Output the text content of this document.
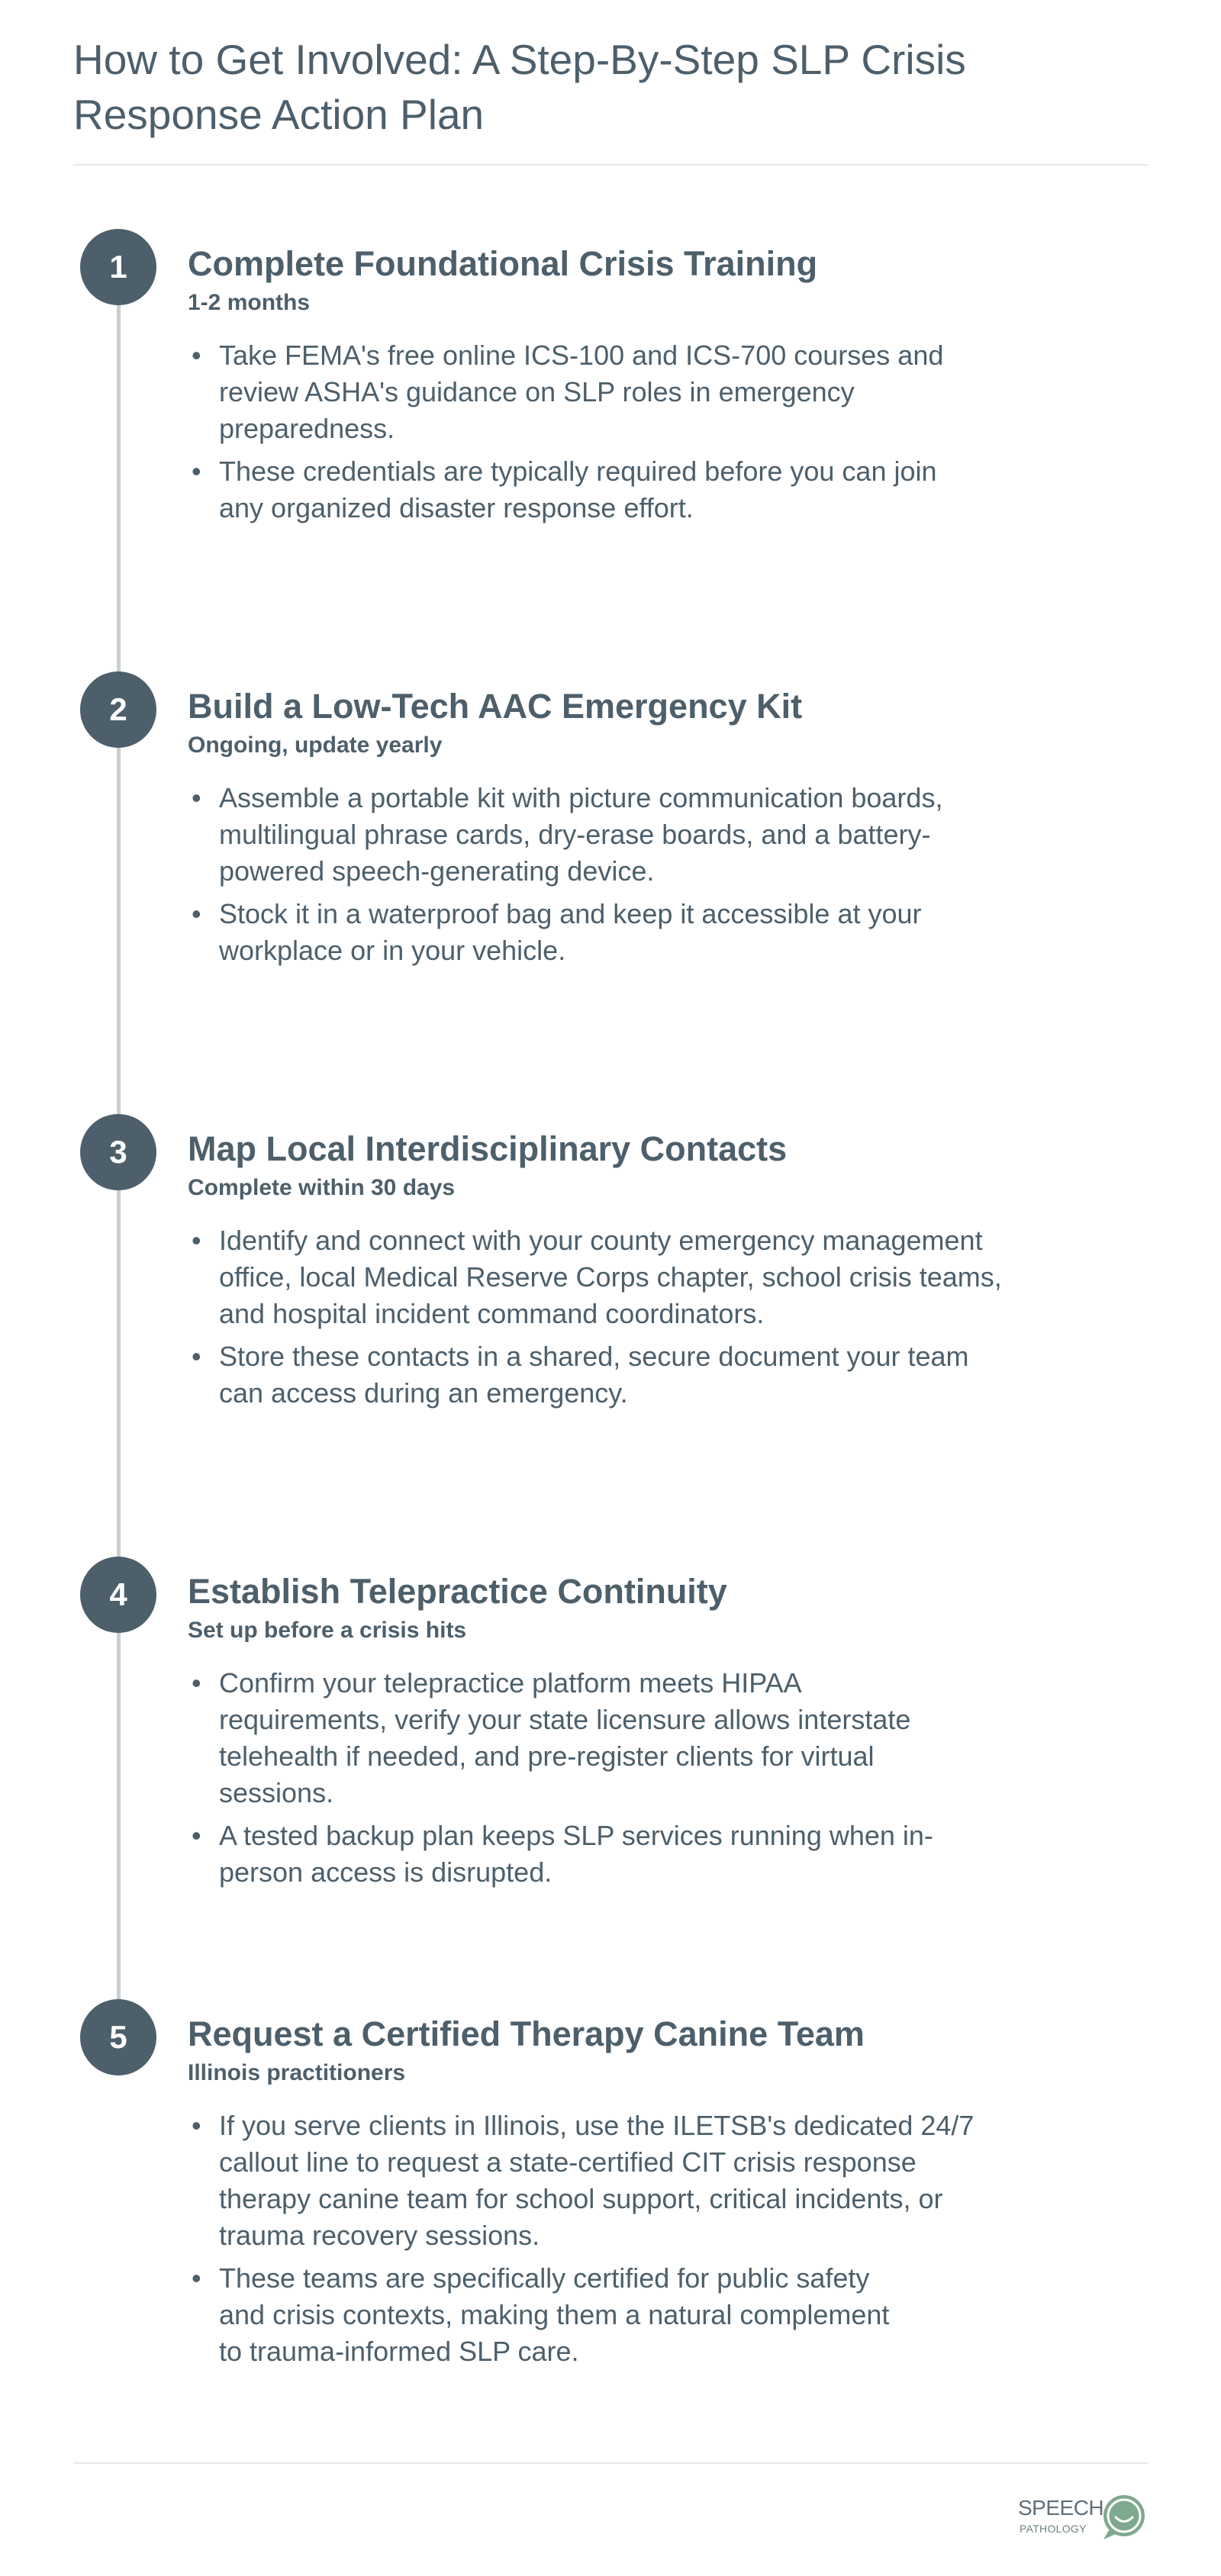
How to Get Involved: A Step-By-Step SLP Crisis Response Action Plan
1	Complete Foundational Crisis Training

1-2 months

• Take FEMA's free online ICS-100 and ICS-700 courses and review ASHA's guidance on SLP roles in emergency preparedness.
• These credentials are typically required before you can join any organized disaster response effort.
2	Build a Low-Tech AAC Emergency Kit

Ongoing, update yearly

• Assemble a portable kit with picture communication boards, multilingual phrase cards, dry-erase boards, and a battery-powered speech-generating device.
• Stock it in a waterproof bag and keep it accessible at your workplace or in your vehicle.
3	Map Local Interdisciplinary Contacts

Complete within 30 days

• Identify and connect with your county emergency management office, local Medical Reserve Corps chapter, school crisis teams, and hospital incident command coordinators.
• Store these contacts in a shared, secure document your team can access during an emergency.
4	Establish Telepractice Continuity

Set up before a crisis hits

• Confirm your telepractice platform meets HIPAA requirements, verify your state licensure allows interstate telehealth if needed, and pre-register clients for virtual sessions.
• A tested backup plan keeps SLP services running when in-person access is disrupted.
5	Request a Certified Therapy Canine Team

Illinois practitioners

• If you serve clients in Illinois, use the ILETSB's dedicated 24/7 callout line to request a state-certified CIT crisis response therapy canine team for school support, critical incidents, or trauma recovery sessions.
• These teams are specifically certified for public safety and crisis contexts, making them a natural complement to trauma-informed SLP care.
SPEECH
PATHOLOGY
